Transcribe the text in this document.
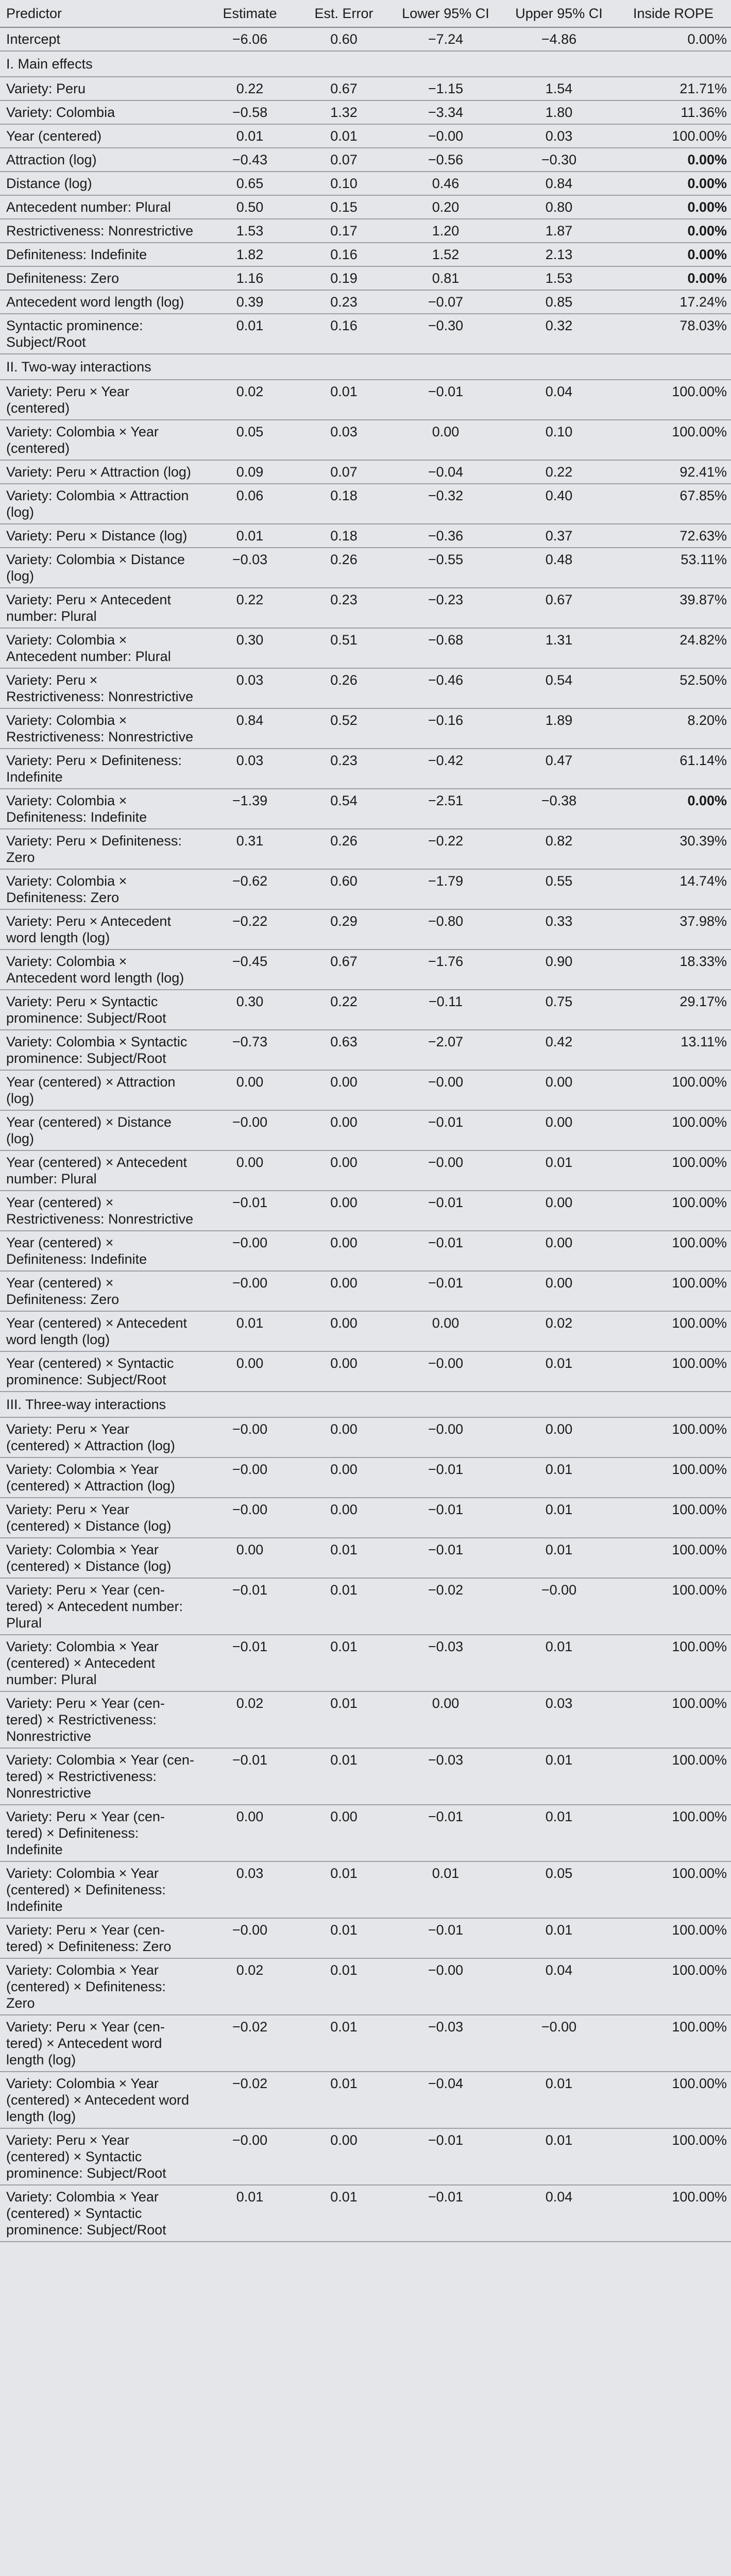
Predictor	Estimate	Est. Error	Lower 95% CI	Upper 95% CI	Inside ROPE
Intercept	−6.06	0.60	−7.24	−4.86	0.00%
I. Main effects					
Variety: Peru	0.22	0.67	−1.15	1.54	21.71%
Variety: Colombia	−0.58	1.32	−3.34	1.80	11.36%
Year (centered)	0.01	0.01	−0.00	0.03	100.00%
Attraction (log)	−0.43	0.07	−0.56	−0.30	0.00%
Distance (log)	0.65	0.10	0.46	0.84	0.00%
Antecedent number: Plural	0.50	0.15	0.20	0.80	0.00%
Restrictiveness: Nonrestrictive	1.53	0.17	1.20	1.87	0.00%
Definiteness: Indefinite	1.82	0.16	1.52	2.13	0.00%
Definiteness: Zero	1.16	0.19	0.81	1.53	0.00%
Antecedent word length (log)	0.39	0.23	−0.07	0.85	17.24%
Syntactic prominence: Subject/Root	0.01	0.16	−0.30	0.32	78.03%
II. Two-way interactions					
Variety: Peru × Year (centered)	0.02	0.01	−0.01	0.04	100.00%
Variety: Colombia × Year (centered)	0.05	0.03	0.00	0.10	100.00%
Variety: Peru × Attraction (log)	0.09	0.07	−0.04	0.22	92.41%
Variety: Colombia × Attraction (log)	0.06	0.18	−0.32	0.40	67.85%
Variety: Peru × Distance (log)	0.01	0.18	−0.36	0.37	72.63%
Variety: Colombia × Distance (log)	−0.03	0.26	−0.55	0.48	53.11%
Variety: Peru × Antecedent number: Plural	0.22	0.23	−0.23	0.67	39.87%
Variety: Colombia × Antecedent number: Plural	0.30	0.51	−0.68	1.31	24.82%
Variety: Peru × Restrictiveness: Nonrestrictive	0.03	0.26	−0.46	0.54	52.50%
Variety: Colombia × Restrictiveness: Nonrestrictive	0.84	0.52	−0.16	1.89	8.20%
Variety: Peru × Definiteness: Indefinite	0.03	0.23	−0.42	0.47	61.14%
Variety: Colombia × Definiteness: Indefinite	−1.39	0.54	−2.51	−0.38	0.00%
Variety: Peru × Definiteness: Zero	0.31	0.26	−0.22	0.82	30.39%
Variety: Colombia × Definiteness: Zero	−0.62	0.60	−1.79	0.55	14.74%
Variety: Peru × Antecedent word length (log)	−0.22	0.29	−0.80	0.33	37.98%
Variety: Colombia × Antecedent word length (log)	−0.45	0.67	−1.76	0.90	18.33%
Variety: Peru × Syntactic prominence: Subject/Root	0.30	0.22	−0.11	0.75	29.17%
Variety: Colombia × Syntactic prominence: Subject/Root	−0.73	0.63	−2.07	0.42	13.11%
Year (centered) × Attraction (log)	0.00	0.00	−0.00	0.00	100.00%
Year (centered) × Distance (log)	−0.00	0.00	−0.01	0.00	100.00%
Year (centered) × Antecedent number: Plural	0.00	0.00	−0.00	0.01	100.00%
Year (centered) × Restrictiveness: Nonrestrictive	−0.01	0.00	−0.01	0.00	100.00%
Year (centered) × Definiteness: Indefinite	−0.00	0.00	−0.01	0.00	100.00%
Year (centered) × Definiteness: Zero	−0.00	0.00	−0.01	0.00	100.00%
Year (centered) × Antecedent word length (log)	0.01	0.00	0.00	0.02	100.00%
Year (centered) × Syntactic prominence: Subject/Root	0.00	0.00	−0.00	0.01	100.00%
III. Three-way interactions					
Variety: Peru × Year (centered) × Attraction (log)	−0.00	0.00	−0.00	0.00	100.00%
Variety: Colombia × Year (centered) × Attraction (log)	−0.00	0.00	−0.01	0.01	100.00%
Variety: Peru × Year (centered) × Distance (log)	−0.00	0.00	−0.01	0.01	100.00%
Variety: Colombia × Year (centered) × Distance (log)	0.00	0.01	−0.01	0.01	100.00%
Variety: Peru × Year (cen- tered) × Antecedent number: Plural	−0.01	0.01	−0.02	−0.00	100.00%
Variety: Colombia × Year (centered) × Antecedent number: Plural	−0.01	0.01	−0.03	0.01	100.00%
Variety: Peru × Year (cen- tered) × Restrictiveness: Nonrestrictive	0.02	0.01	0.00	0.03	100.00%
Variety: Colombia × Year (cen- tered) × Restrictiveness: Nonrestrictive	−0.01	0.01	−0.03	0.01	100.00%
Variety: Peru × Year (cen- tered) × Definiteness: Indefinite	0.00	0.00	−0.01	0.01	100.00%
Variety: Colombia × Year (centered) × Definiteness: Indefinite	0.03	0.01	0.01	0.05	100.00%
Variety: Peru × Year (cen- tered) × Definiteness: Zero	−0.00	0.01	−0.01	0.01	100.00%
Variety: Colombia × Year (centered) × Definiteness: Zero	0.02	0.01	−0.00	0.04	100.00%
Variety: Peru × Year (cen- tered) × Antecedent word length (log)	−0.02	0.01	−0.03	−0.00	100.00%
Variety: Colombia × Year (centered) × Antecedent word length (log)	−0.02	0.01	−0.04	0.01	100.00%
Variety: Peru × Year (centered) × Syntactic prominence: Subject/Root	−0.00	0.00	−0.01	0.01	100.00%
Variety: Colombia × Year (centered) × Syntactic prominence: Subject/Root	0.01	0.01	−0.01	0.04	100.00%
